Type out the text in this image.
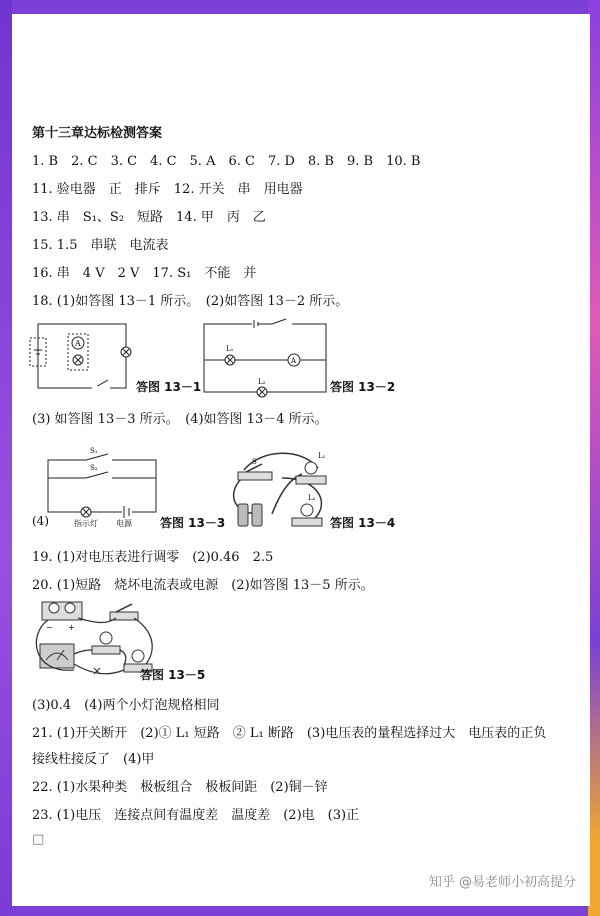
第十三章达标检测答案
1. B　2. C　3. C　4. C　5. A　6. C　7. D　8. B　9. B　10. B
11. 验电器　正　排斥　12. 开关　串　用电器
13. 串　S₁、S₂　短路　14. 甲　丙　乙
15. 1.5　串联　电流表
16. 串　4 V　2 V　17. S₁　不能　并
18. (1)如答图 13－1 所示。　(2)如答图 13－2 所示。
A
答图 13－1
L₁
A
L₂	答图 13－2
(3) 如答图 13－3 所示。　(4)如答图 13－4 所示。
S₁
S₂
(4)	指示灯 电源 答图 13－3
S
L₁
L₂
答图 13－4
19. (1)对电压表进行调零　(2)0.46　2.5
20. (1)短路　烧坏电流表或电源　(2)如答图 13－5 所示。
− +
答图 13－5
(3)0.4　(4)两个小灯泡规格相同
21. (1)开关断开　(2)① L₁ 短路　② L₁ 断路　(3)电压表的量程选择过大　电压表的正负
接线柱接反了　(4)甲
22. (1)水果种类　极板组合　极板间距　(2)铜－锌
23. (1)电压　连接点间有温度差　温度差　(2)电　(3)正
□
知乎 @易老师小初高提分
